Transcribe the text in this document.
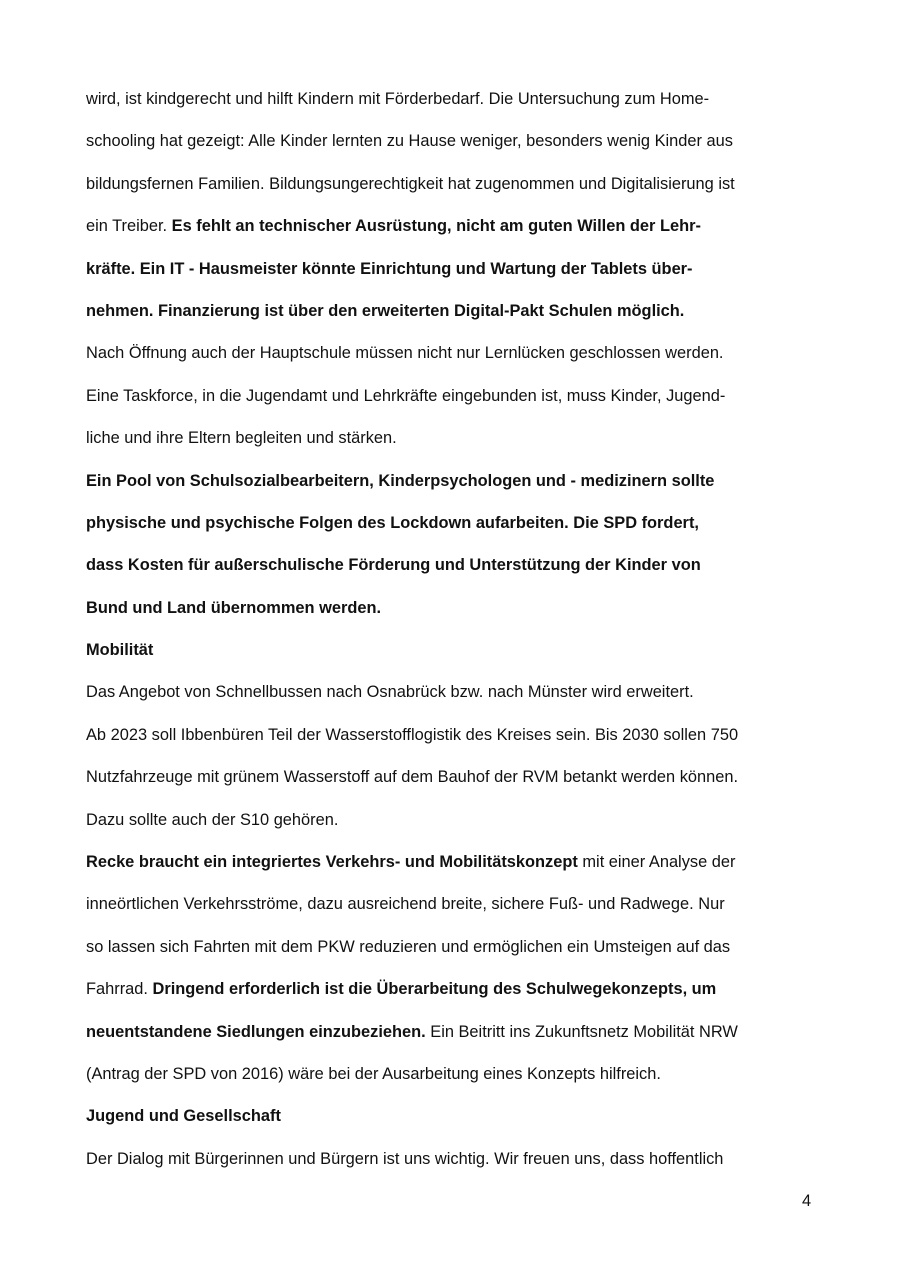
wird, ist kindgerecht und hilft Kindern mit Förderbedarf. Die Untersuchung zum Home-
schooling hat gezeigt: Alle Kinder lernten zu Hause weniger, besonders wenig Kinder aus
bildungsfernen Familien. Bildungsungerechtigkeit hat zugenommen und Digitalisierung ist
ein Treiber. Es fehlt an technischer Ausrüstung, nicht am guten Willen der Lehr-
kräfte. Ein IT - Hausmeister könnte Einrichtung und Wartung der Tablets über-
nehmen. Finanzierung ist über den erweiterten Digital-Pakt Schulen möglich.
Nach Öffnung auch der Hauptschule müssen nicht nur Lernlücken geschlossen werden.
Eine Taskforce, in die Jugendamt und Lehrkräfte eingebunden ist, muss Kinder, Jugend-
liche und ihre Eltern begleiten und stärken.
Ein Pool von Schulsozialbearbeitern, Kinderpsychologen und - medizinern sollte
physische und psychische Folgen des Lockdown aufarbeiten. Die SPD fordert,
dass Kosten für außerschulische Förderung und Unterstützung der Kinder von
Bund und Land übernommen werden.
Mobilität
Das Angebot von Schnellbussen nach Osnabrück bzw. nach Münster wird erweitert.
Ab 2023 soll Ibbenbüren Teil der Wasserstofflogistik des Kreises sein. Bis 2030 sollen 750
Nutzfahrzeuge mit grünem Wasserstoff auf dem Bauhof der RVM betankt werden können.
Dazu sollte auch der S10 gehören.
Recke braucht ein integriertes Verkehrs- und Mobilitätskonzept mit einer Analyse der
inneörtlichen Verkehrsströme, dazu ausreichend breite, sichere Fuß- und Radwege. Nur
so lassen sich Fahrten mit dem PKW reduzieren und ermöglichen ein Umsteigen auf das
Fahrrad. Dringend erforderlich ist die Überarbeitung des Schulwegekonzepts, um
neuentstandene Siedlungen einzubeziehen. Ein Beitritt ins Zukunftsnetz Mobilität NRW
(Antrag der SPD von 2016) wäre bei der Ausarbeitung eines Konzepts hilfreich.
Jugend und Gesellschaft
Der Dialog mit Bürgerinnen und Bürgern ist uns wichtig. Wir freuen uns, dass hoffentlich
4
